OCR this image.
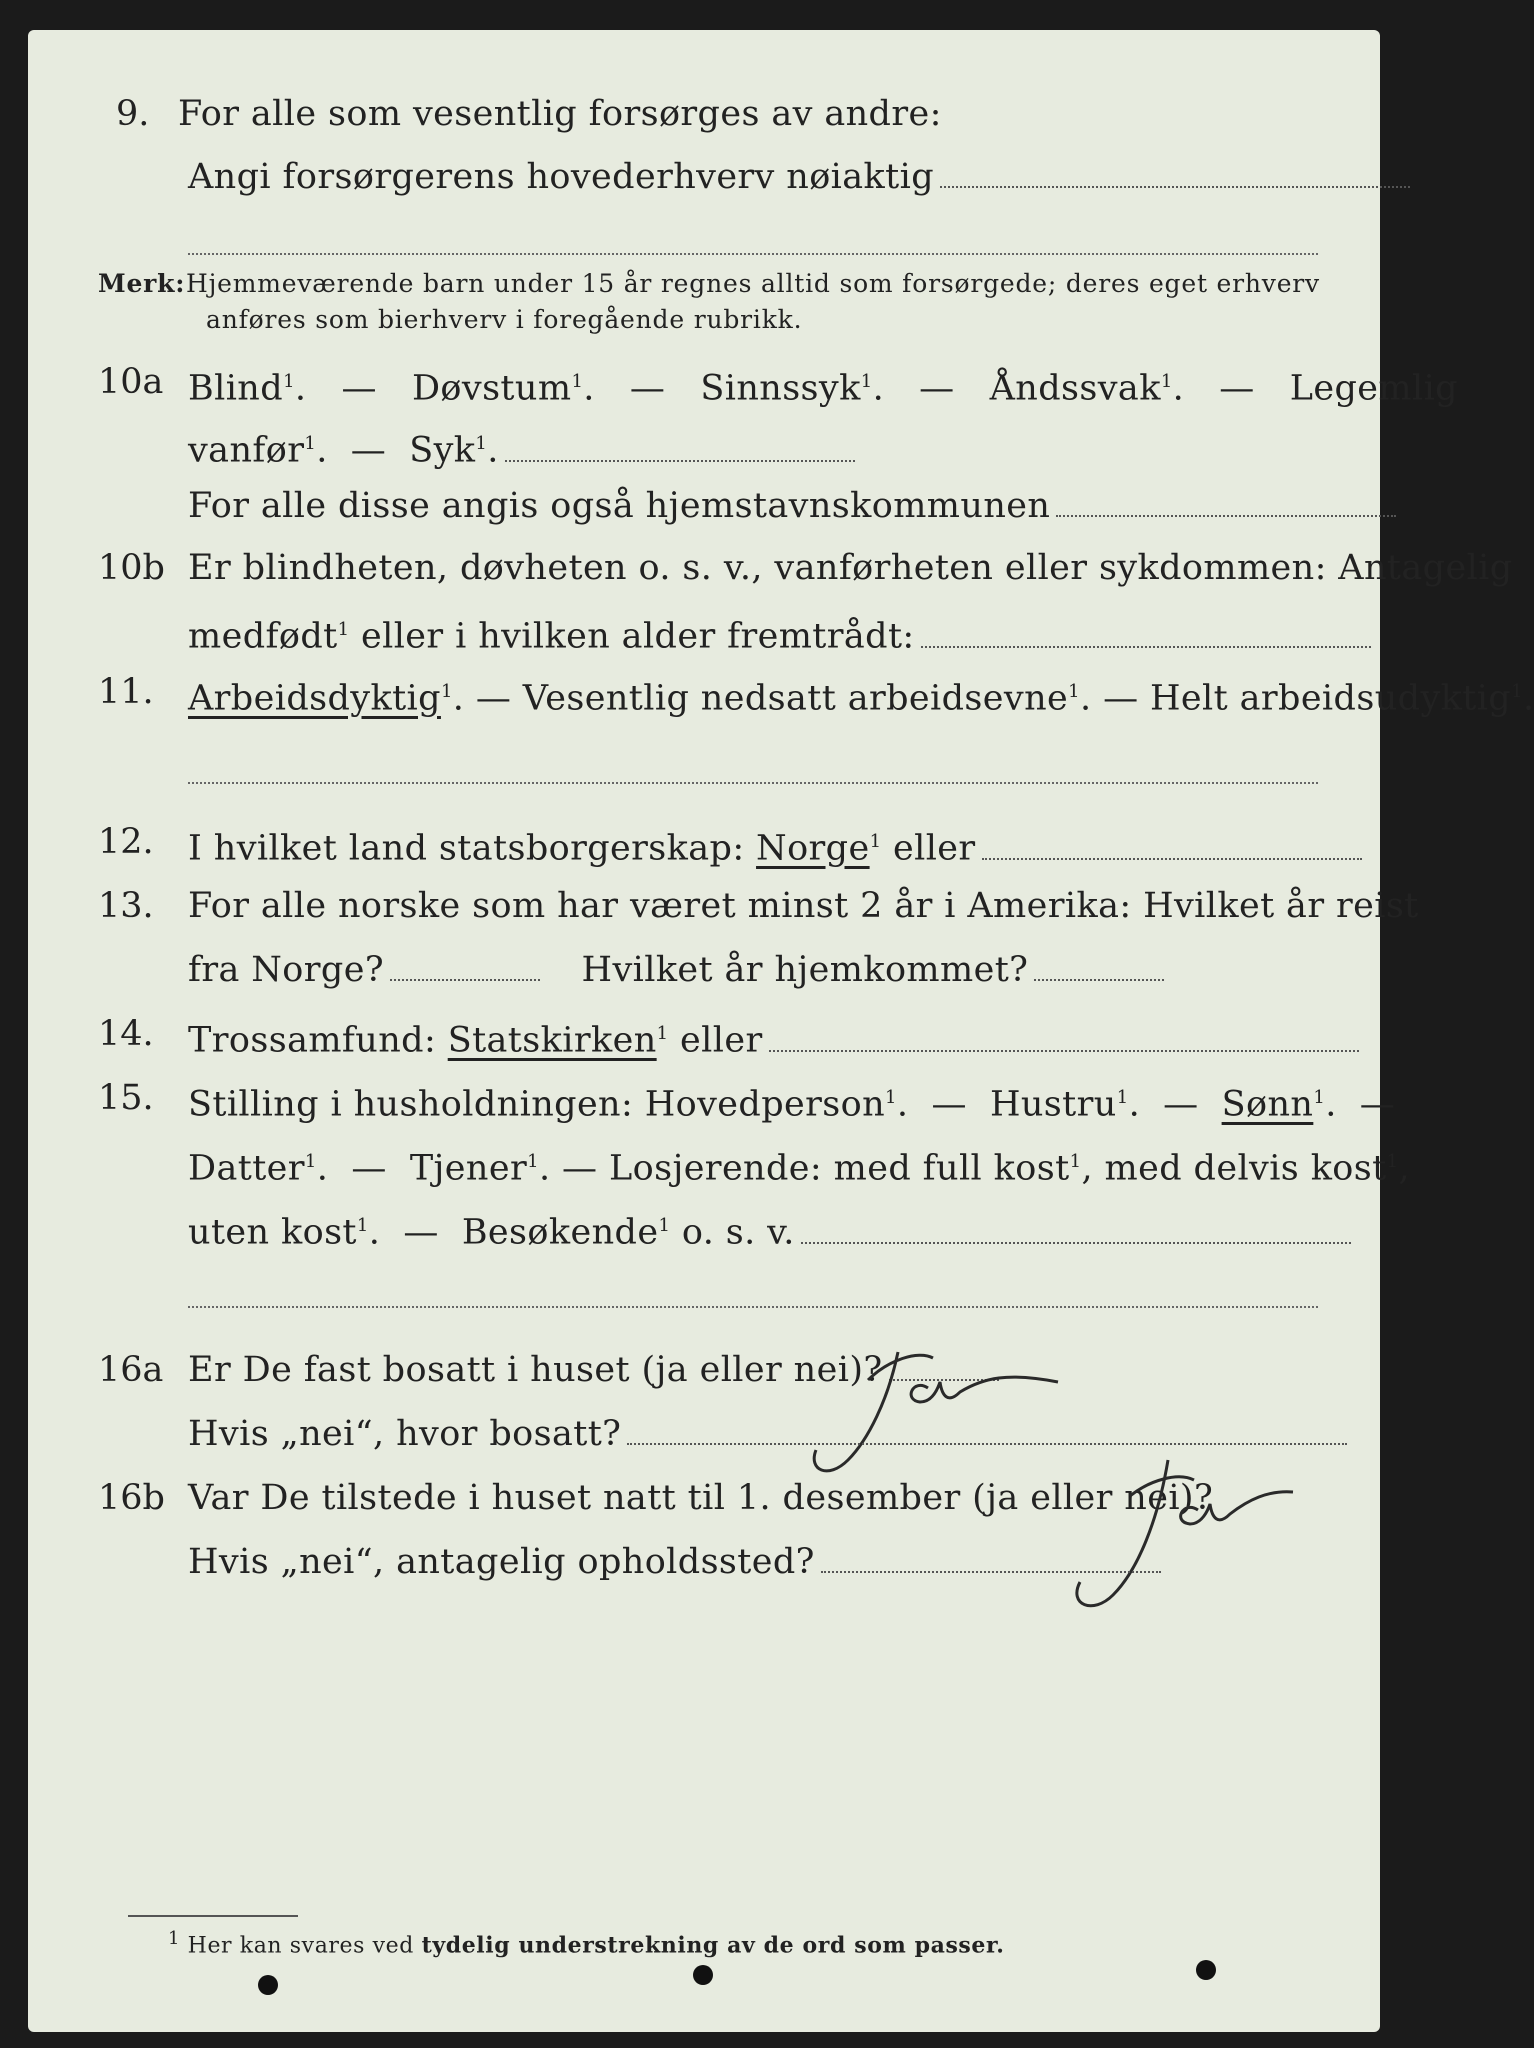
9. For alle som vesentlig forsørges av andre:
Angi forsørgerens hovederhverv nøiaktig
Merk: Hjemmeværende barn under 15 år regnes alltid som forsørgede; deres eget erhverv
anføres som bierhverv i foregående rubrikk.
10a Blind$^1$.  — Døvstum$^1$.  — Sinnssyk$^1$.  — Åndssvak$^1$.  — Legemlig
vanfør$^1$.  — Syk$^1$.
For alle disse angis også hjemstavnskommunen
10b Er blindheten, døvheten o. s. v., vanførheten eller sykdommen: Antagelig
medfødt$^1$ eller i hvilken alder fremtrådt:
11. Arbeidsdyktig$^1$. — Vesentlig nedsatt arbeidsevne$^1$. — Helt arbeidsudyktig$^1$.
12. I hvilket land statsborgerskap: Norge$^1$ eller
13. For alle norske som har været minst 2 år i Amerika: Hvilket år reist
fra Norge?	Hvilket år hjemkommet?
14. Trossamfund: Statskirken$^1$ eller
15. Stilling i husholdningen: Hovedperson$^1$.  — Hustru$^1$.  — Sønn$^1$.  —
Datter$^1$.  — Tjener$^1$. — Losjerende: med full kost$^1$, med delvis kost$^1$,
uten kost$^1$.  — Besøkende$^1$ o. s. v.
16a Er De fast bosatt i huset (ja eller nei)?
Ja
Hvis „nei“, hvor bosatt?
16b Var De tilstede i huset natt til 1. desember (ja eller nei)?
Ja
Hvis „nei“, antagelig opholdssted?
$^1$ Her kan svares ved tydelig understrekning av de ord som passer.
